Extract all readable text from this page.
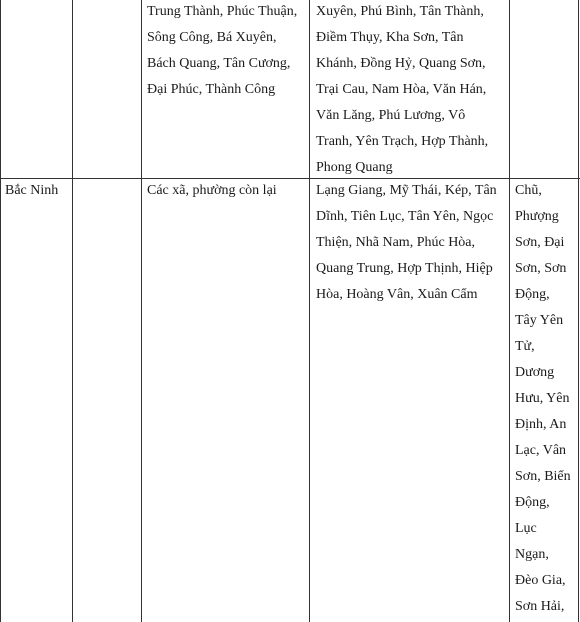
Trung Thành, Phúc Thuận,
Sông Công, Bá Xuyên,
Bách Quang, Tân Cương,
Đại Phúc, Thành Công
Xuyên, Phú Bình, Tân Thành,
Điềm Thụy, Kha Sơn, Tân
Khánh, Đồng Hỷ, Quang Sơn,
Trại Cau, Nam Hòa, Văn Hán,
Văn Lăng, Phú Lương, Vô
Tranh, Yên Trạch, Hợp Thành,
Phong Quang
Bắc Ninh	Các xã, phường còn lại	Lạng Giang, Mỹ Thái, Kép, Tân
Dĩnh, Tiên Lục, Tân Yên, Ngọc
Thiện, Nhã Nam, Phúc Hòa,
Quang Trung, Hợp Thịnh, Hiệp
Hòa, Hoàng Vân, Xuân Cẩm
Chũ,
Phượng
Sơn, Đại
Sơn, Sơn
Động,
Tây Yên
Tử,
Dương
Hưu, Yên
Định, An
Lạc, Vân
Sơn, Biển
Động,
Lục
Ngạn,
Đèo Gia,
Sơn Hải,
